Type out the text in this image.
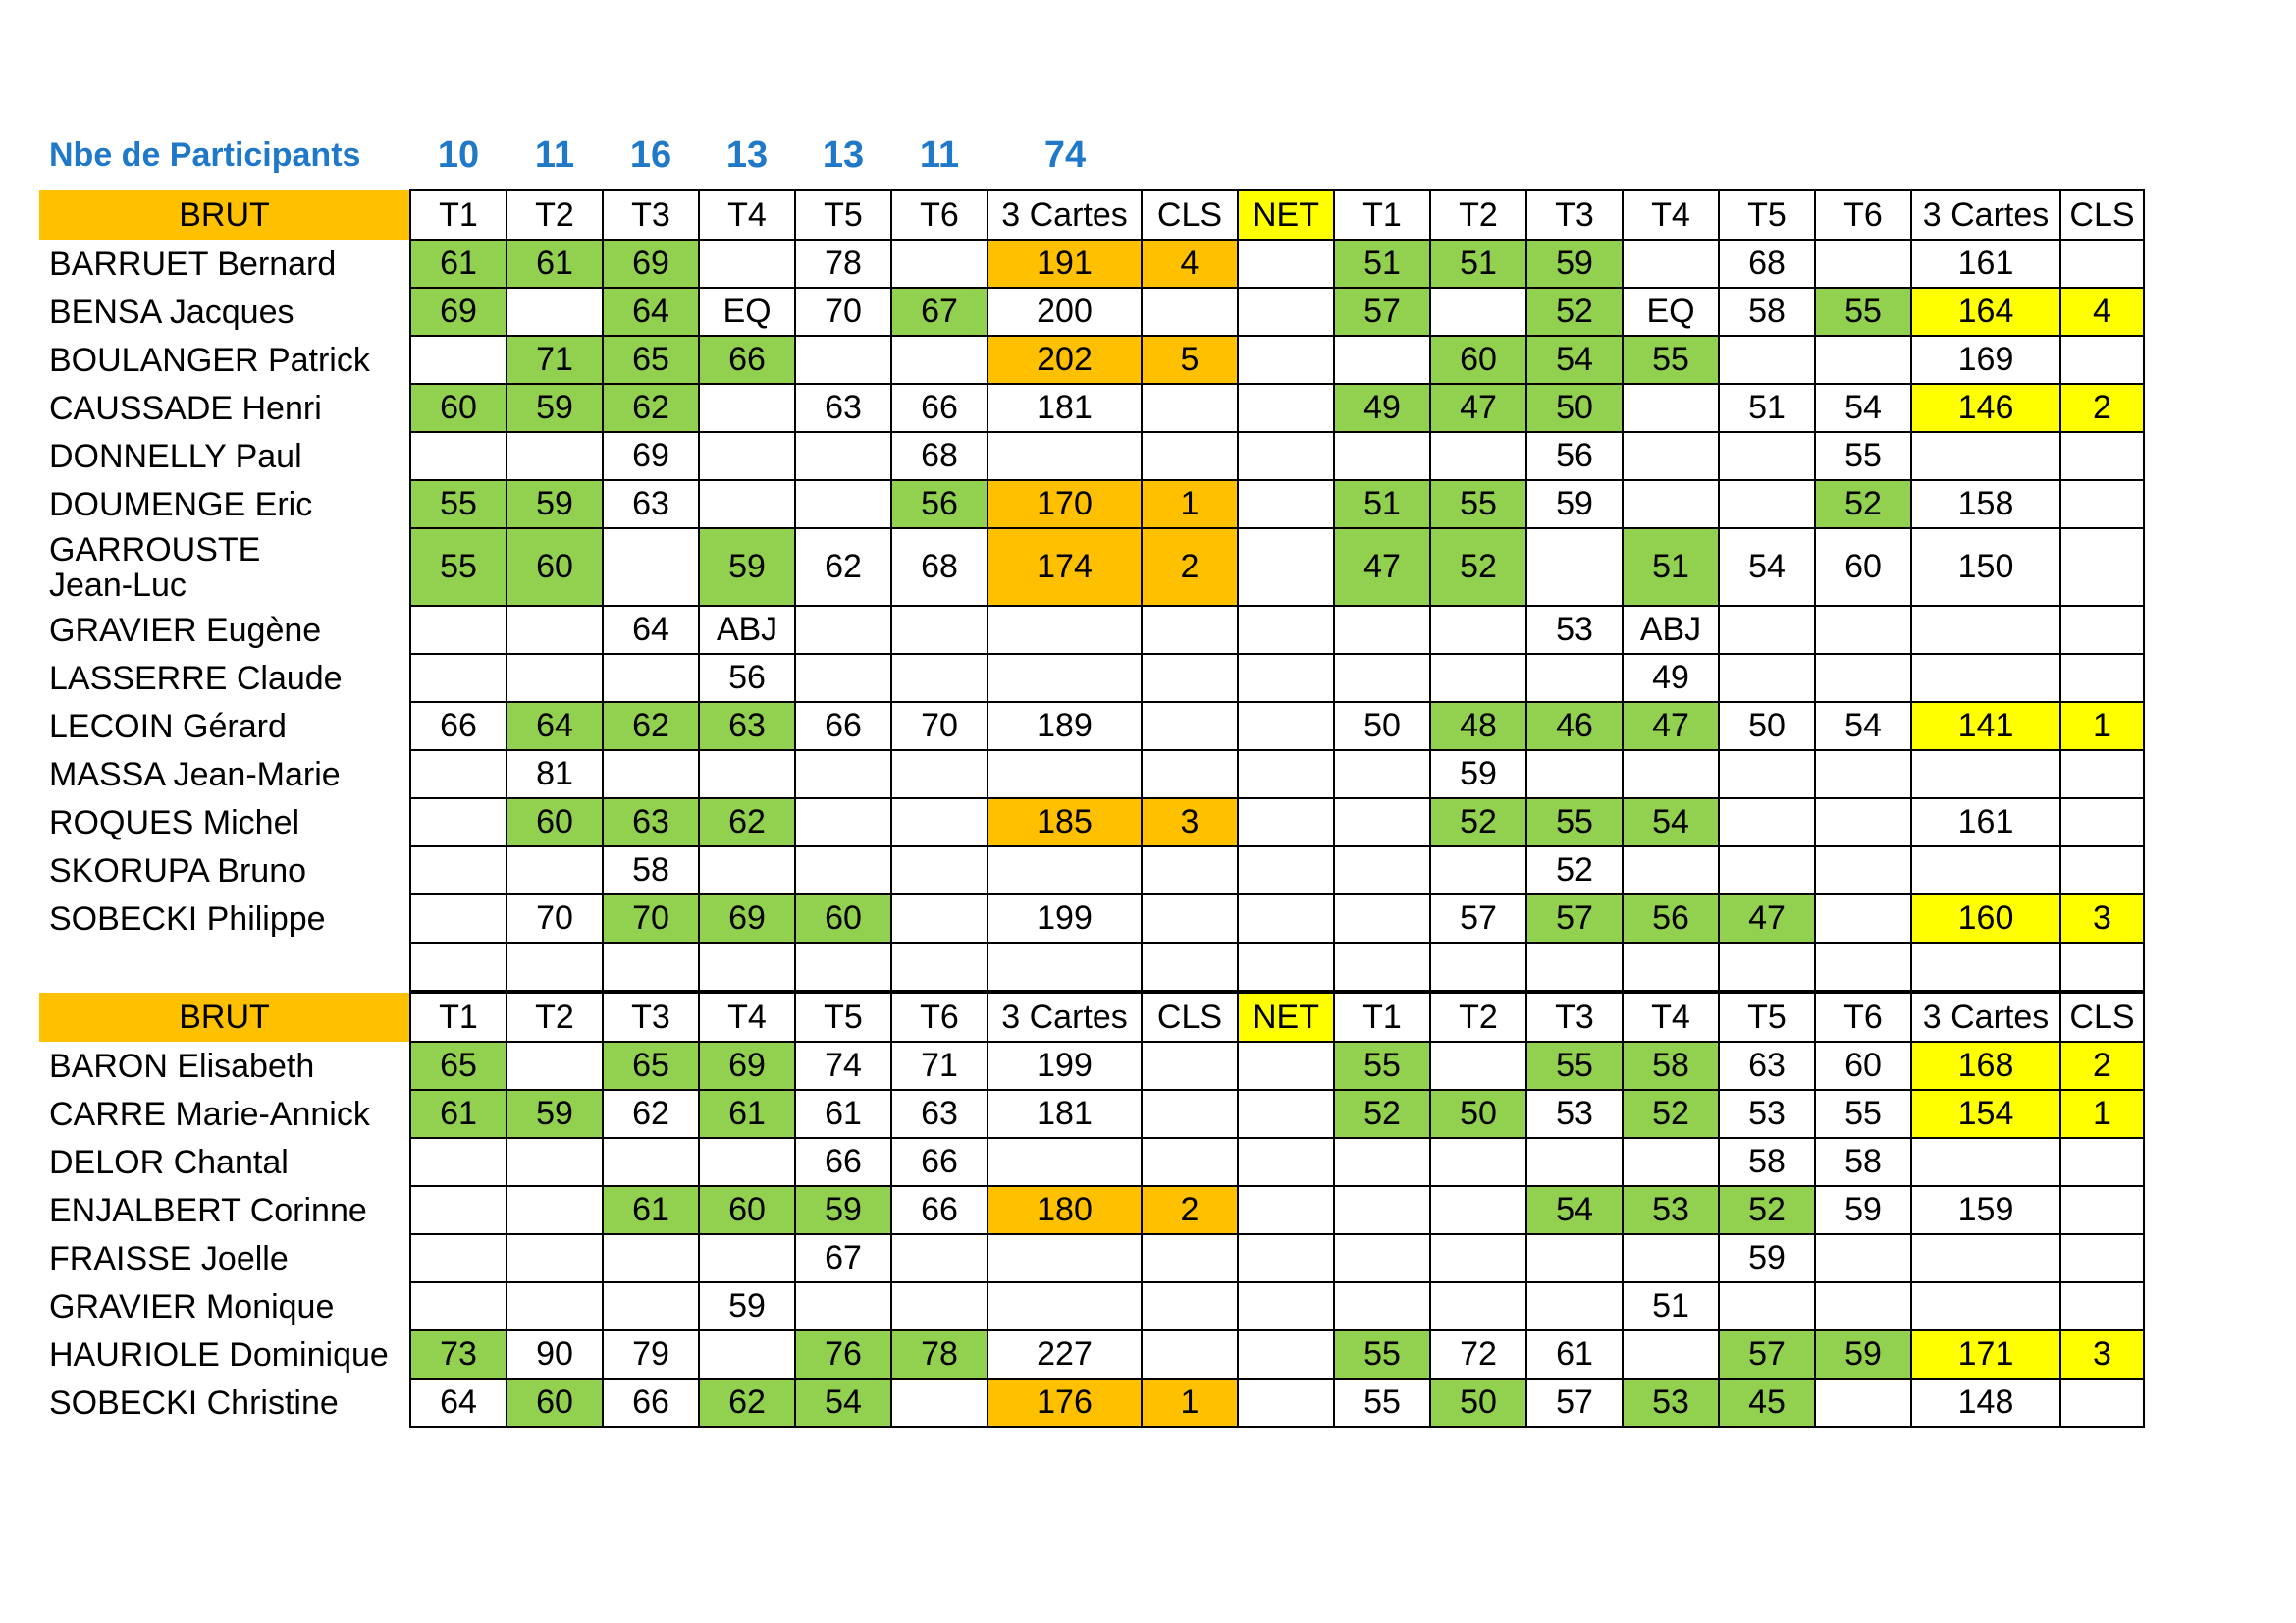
Nbe de Participants	10	11	16	13	13	11	74
BRUT	T1	T2	T3	T4	T5	T6	3 Cartes	CLS	NET	T1	T2	T3	T4	T5	T6	3 Cartes	CLS
BARRUET Bernard	61	61	69		78		191	4		51	51	59		68		161	
BENSA Jacques	69		64	EQ	70	67	200			57		52	EQ	58	55	164	4
BOULANGER Patrick		71	65	66			202	5			60	54	55			169	
CAUSSADE Henri	60	59	62		63	66	181			49	47	50		51	54	146	2
DONNELLY Paul			69			68						56			55		
DOUMENGE Eric	55	59	63			56	170	1		51	55	59			52	158	
GARROUSTE Jean-Luc	55	60		59	62	68	174	2		47	52		51	54	60	150	
GRAVIER Eugène			64	ABJ								53	ABJ				
LASSERRE Claude				56									49				
LECOIN Gérard	66	64	62	63	66	70	189			50	48	46	47	50	54	141	1
MASSA Jean-Marie		81									59						
ROQUES Michel		60	63	62			185	3			52	55	54			161	
SKORUPA Bruno			58									52					
SOBECKI Philippe		70	70	69	60		199				57	57	56	47		160	3

BRUT	T1	T2	T3	T4	T5	T6	3 Cartes	CLS	NET	T1	T2	T3	T4	T5	T6	3 Cartes	CLS
BARON Elisabeth	65		65	69	74	71	199			55		55	58	63	60	168	2
CARRE Marie-Annick	61	59	62	61	61	63	181			52	50	53	52	53	55	154	1
DELOR Chantal					66	66								58	58		
ENJALBERT Corinne			61	60	59	66	180	2				54	53	52	59	159	
FRAISSE Joelle					67									59			
GRAVIER Monique				59									51				
HAURIOLE Dominique	73	90	79		76	78	227			55	72	61		57	59	171	3
SOBECKI Christine	64	60	66	62	54		176	1		55	50	57	53	45		148	
